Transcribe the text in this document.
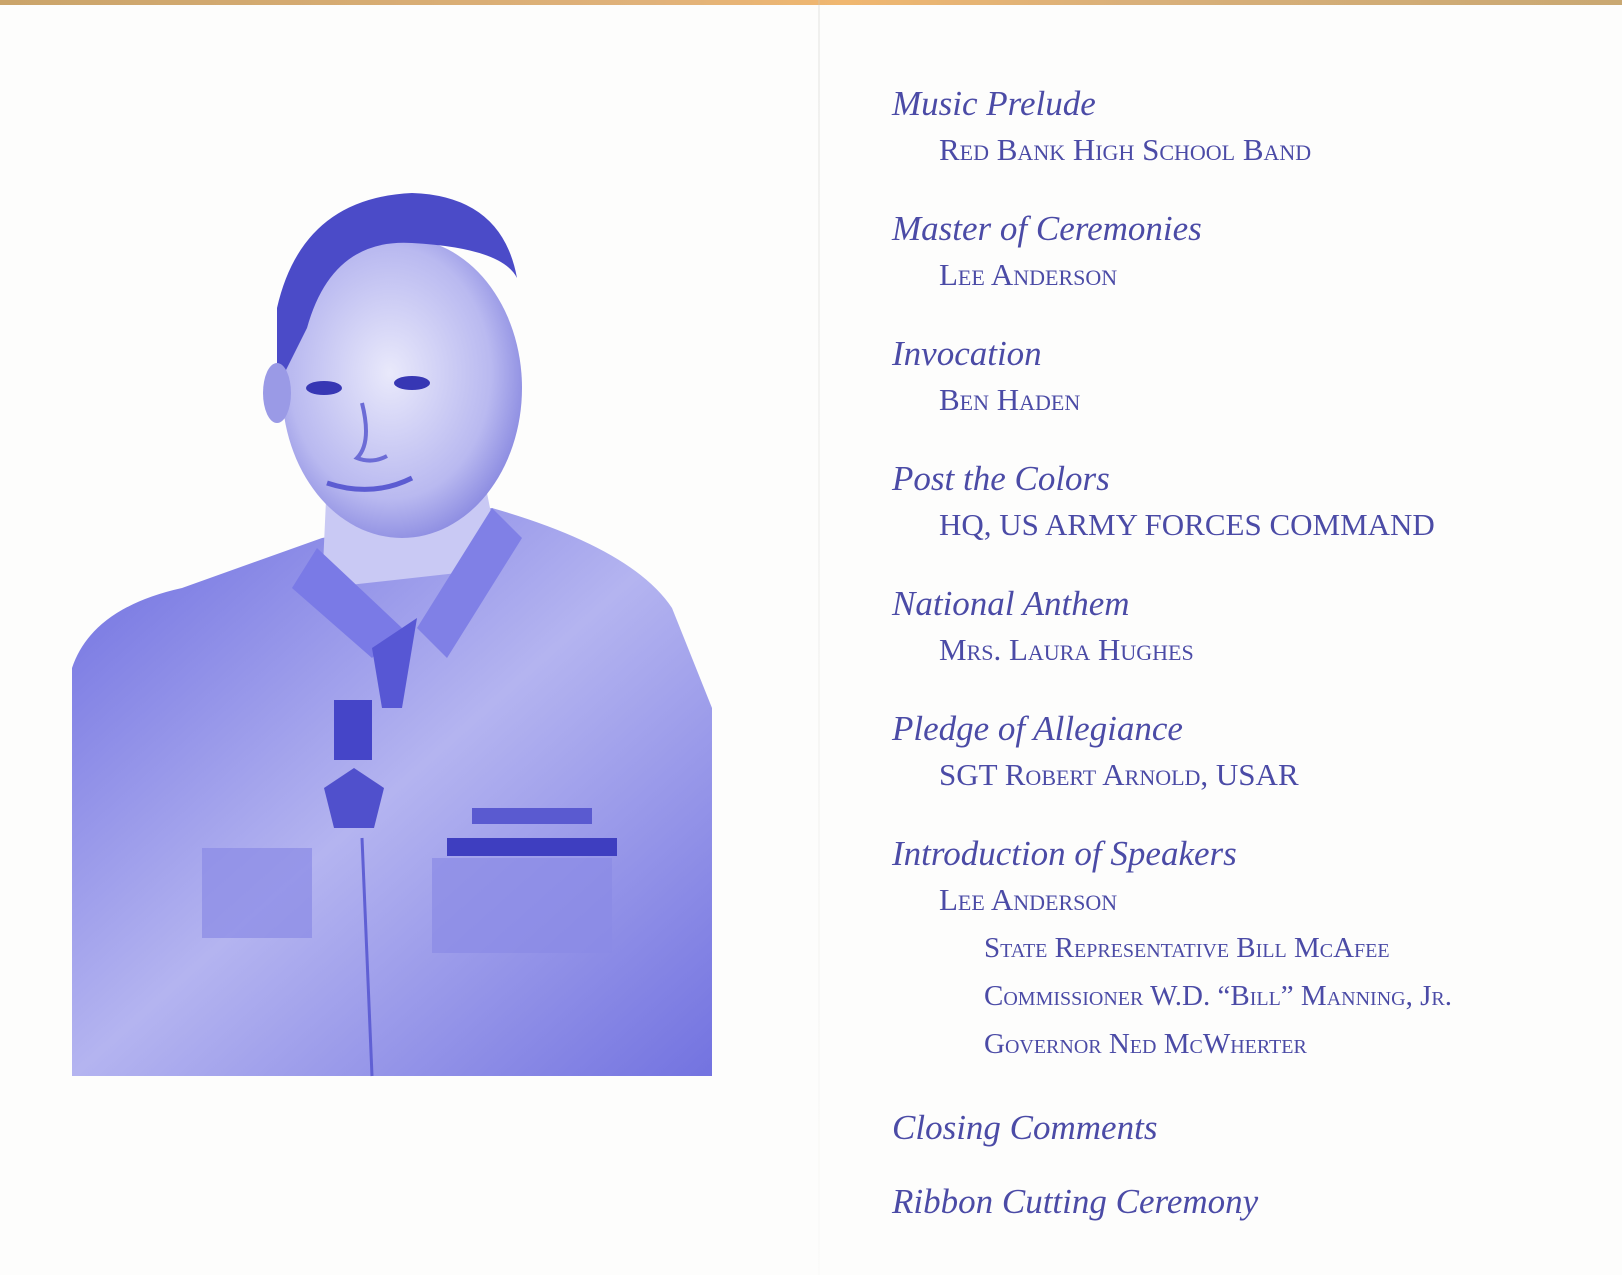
Music Prelude
Red Bank High School Band
Master of Ceremonies
Lee Anderson
Invocation
Ben Haden
Post the Colors
HQ, US ARMY FORCES COMMAND
National Anthem
Mrs. Laura Hughes
Pledge of Allegiance
SGT Robert Arnold, USAR
Introduction of Speakers
Lee Anderson
State Representative Bill McAfee
Commissioner W.D. “Bill” Manning, Jr.
Governor Ned McWherter
Closing Comments
Ribbon Cutting Ceremony
